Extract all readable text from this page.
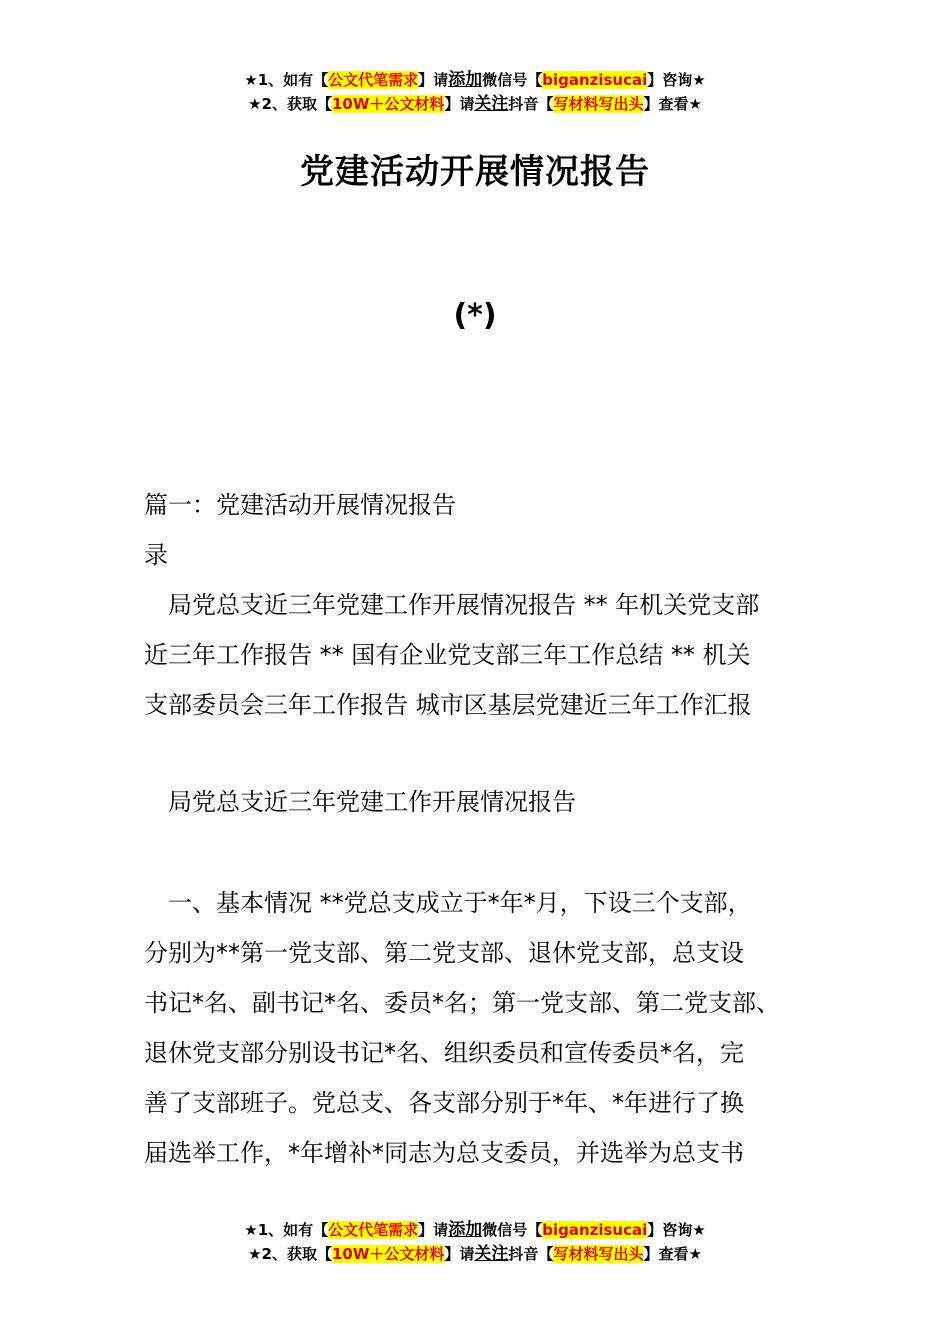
★1、如有【公文代笔需求】请添加微信号【biganzisucai】咨询★
★2、获取【10W＋公文材料】请关注抖音【写材料写出头】查看★
党建活动开展情况报告
(*)
篇一：党建活动开展情况报告
录
局党总支近三年党建工作开展情况报告 ** 年机关党支部
近三年工作报告 ** 国有企业党支部三年工作总结 ** 机关
支部委员会三年工作报告 城市区基层党建近三年工作汇报
局党总支近三年党建工作开展情况报告
一、基本情况 **党总支成立于*年*月，下设三个支部，
分别为**第一党支部、第二党支部、退休党支部，总支设
书记*名、副书记*名、委员*名；第一党支部、第二党支部、
退休党支部分别设书记*名、组织委员和宣传委员*名，完
善了支部班子。党总支、各支部分别于*年、*年进行了换
届选举工作，*年增补*同志为总支委员，并选举为总支书
★1、如有【公文代笔需求】请添加微信号【biganzisucai】咨询★
★2、获取【10W＋公文材料】请关注抖音【写材料写出头】查看★
